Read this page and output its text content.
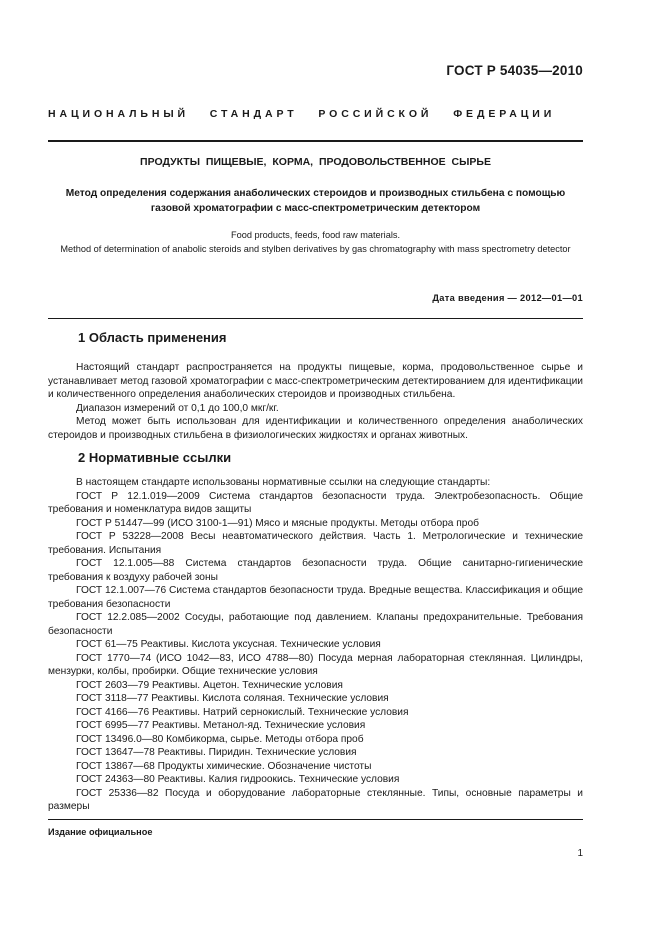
ГОСТ Р 54035—2010
НАЦИОНАЛЬНЫЙ СТАНДАРТ РОССИЙСКОЙ ФЕДЕРАЦИИ
ПРОДУКТЫ ПИЩЕВЫЕ, КОРМА, ПРОДОВОЛЬСТВЕННОЕ СЫРЬЕ
Метод определения содержания анаболических стероидов и производных стильбена с помощью газовой хроматографии с масс-спектрометрическим детектором
Food products, feeds, food raw materials.
Method of determination of anabolic steroids and stylben derivatives by gas chromatography with mass spectrometry detector
Дата введения — 2012—01—01
1 Область применения

Настоящий стандарт распространяется на продукты пищевые, корма, продовольственное сырье и устанавливает метод газовой хроматографии с масс-спектрометрическим детектированием для идентификации и количественного определения анаболических стероидов и производных стильбена.

Диапазон измерений от 0,1 до 100,0 мкг/кг.

Метод может быть использован для идентификации и количественного определения анаболических стероидов и производных стильбена в физиологических жидкостях и органах животных.

2 Нормативные ссылки

В настоящем стандарте использованы нормативные ссылки на следующие стандарты:

ГОСТ Р 12.1.019—2009 Система стандартов безопасности труда. Электробезопасность. Общие требования и номенклатура видов защиты

ГОСТ Р 51447—99 (ИСО 3100-1—91) Мясо и мясные продукты. Методы отбора проб

ГОСТ Р 53228—2008 Весы неавтоматического действия. Часть 1. Метрологические и технические требования. Испытания

ГОСТ 12.1.005—88 Система стандартов безопасности труда. Общие санитарно-гигиенические требования к воздуху рабочей зоны

ГОСТ 12.1.007—76 Система стандартов безопасности труда. Вредные вещества. Классификация и общие требования безопасности

ГОСТ 12.2.085—2002 Сосуды, работающие под давлением. Клапаны предохранительные. Требования безопасности

ГОСТ 61—75 Реактивы. Кислота уксусная. Технические условия

ГОСТ 1770—74 (ИСО 1042—83, ИСО 4788—80) Посуда мерная лабораторная стеклянная. Цилиндры, мензурки, колбы, пробирки. Общие технические условия

ГОСТ 2603—79 Реактивы. Ацетон. Технические условия

ГОСТ 3118—77 Реактивы. Кислота соляная. Технические условия

ГОСТ 4166—76 Реактивы. Натрий сернокислый. Технические условия

ГОСТ 6995—77 Реактивы. Метанол-яд. Технические условия

ГОСТ 13496.0—80 Комбикорма, сырье. Методы отбора проб

ГОСТ 13647—78 Реактивы. Пиридин. Технические условия

ГОСТ 13867—68 Продукты химические. Обозначение чистоты

ГОСТ 24363—80 Реактивы. Калия гидроокись. Технические условия

ГОСТ 25336—82 Посуда и оборудование лабораторные стеклянные. Типы, основные параметры и размеры

Издание официальное
1
